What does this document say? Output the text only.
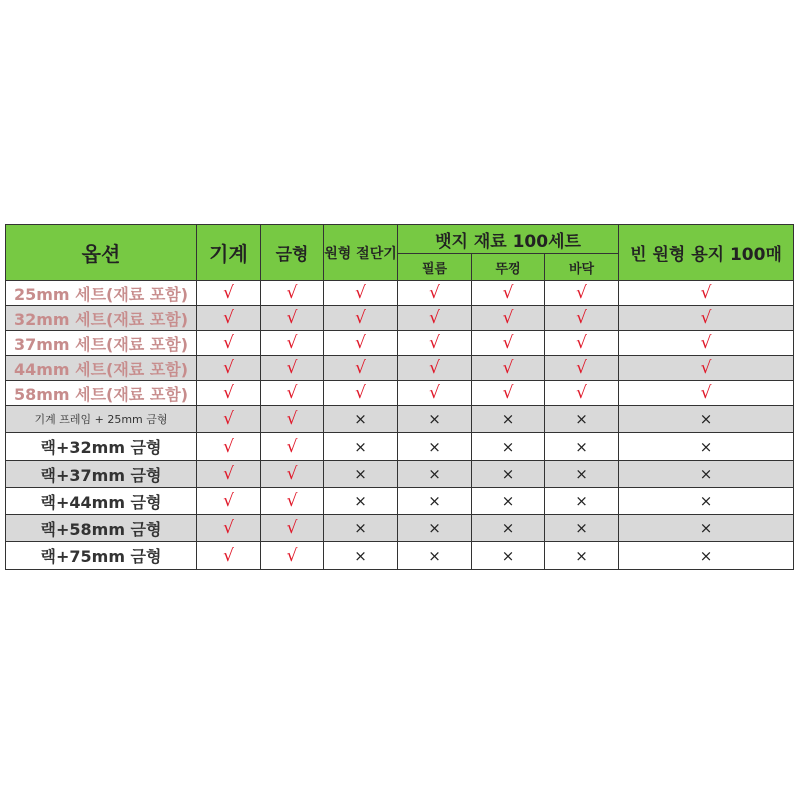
옵션	기계	금형	원형 절단기	뱃지 재료 100세트			빈 원형 용지 100매
				필름	뚜껑	바닥	
25mm 세트(재료 포함)	√	√	√	√	√	√	√
32mm 세트(재료 포함)	√	√	√	√	√	√	√
37mm 세트(재료 포함)	√	√	√	√	√	√	√
44mm 세트(재료 포함)	√	√	√	√	√	√	√
58mm 세트(재료 포함)	√	√	√	√	√	√	√
기계 프레임 + 25mm 금형	√	√	×	×	×	×	×
랙+32mm 금형	√	√	×	×	×	×	×
랙+37mm 금형	√	√	×	×	×	×	×
랙+44mm 금형	√	√	×	×	×	×	×
랙+58mm 금형	√	√	×	×	×	×	×
랙+75mm 금형	√	√	×	×	×	×	×
